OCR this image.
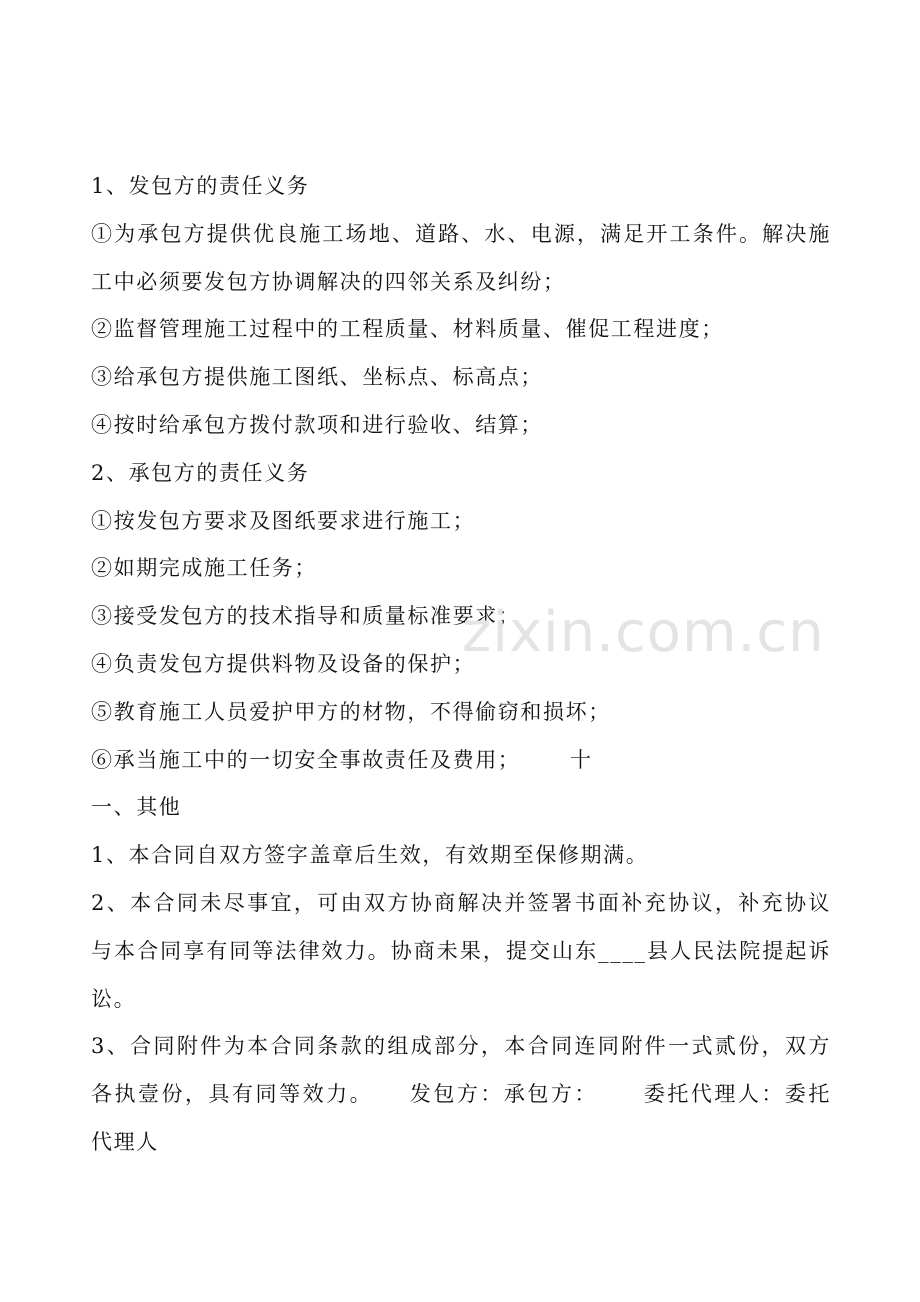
1、发包方的责任义务
①为承包方提供优良施工场地、道路、水、电源，满足开工条件。解决施
工中必须要发包方协调解决的四邻关系及纠纷；
②监督管理施工过程中的工程质量、材料质量、催促工程进度；
③给承包方提供施工图纸、坐标点、标高点；
④按时给承包方拨付款项和进行验收、结算；
2、承包方的责任义务
①按发包方要求及图纸要求进行施工；
②如期完成施工任务；
③接受发包方的技术指导和质量标准要求；
④负责发包方提供料物及设备的保护；
⑤教育施工人员爱护甲方的材物，不得偷窃和损坏；
⑥承当施工中的一切安全事故责任及费用；      十
一、其他
1、本合同自双方签字盖章后生效，有效期至保修期满。
2、本合同未尽事宜，可由双方协商解决并签署书面补充协议，补充协议
与本合同享有同等法律效力。协商未果，提交山东____县人民法院提起诉
讼。
3、合同附件为本合同条款的组成部分，本合同连同附件一式贰份，双方
各执壹份，具有同等效力。    发包方：承包方：     委托代理人：委托
代理人
zixin.com.cn
